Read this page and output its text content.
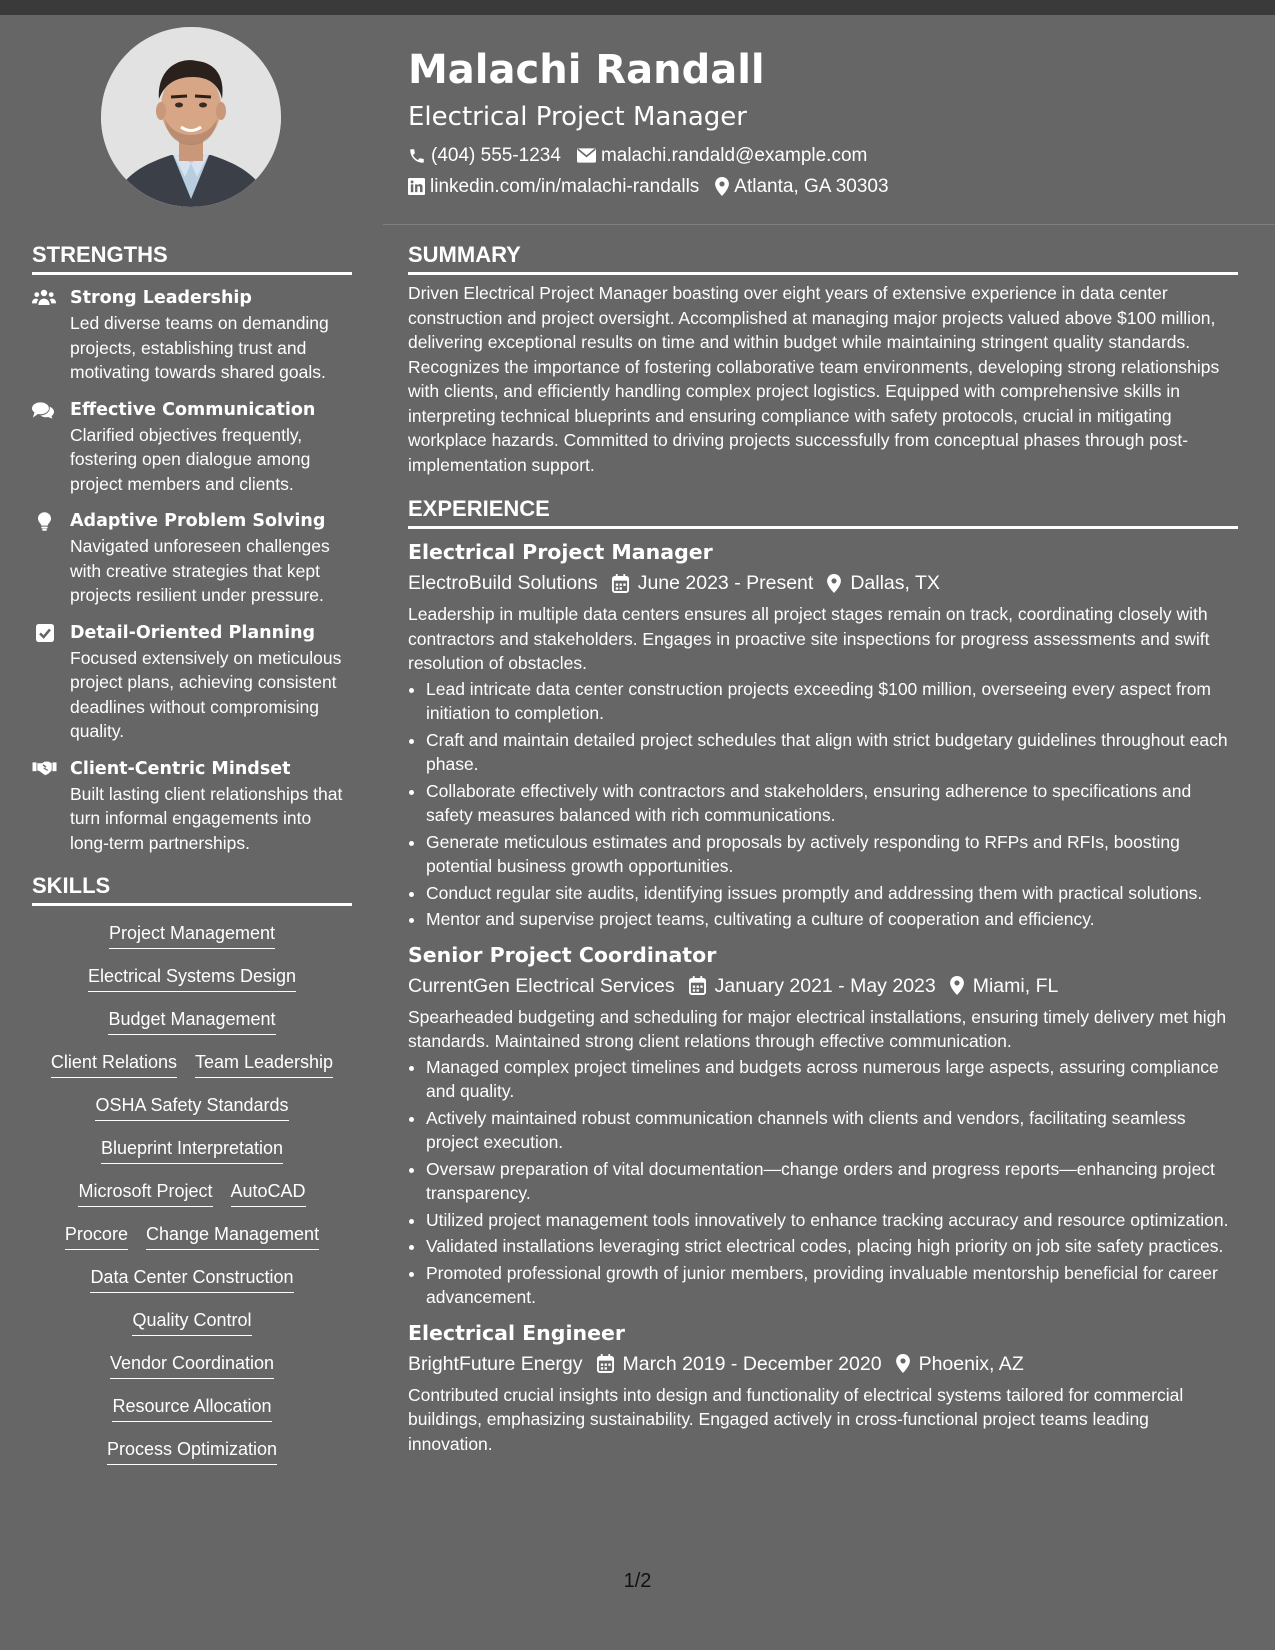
Malachi Randall
Electrical Project Manager
(404) 555-1234 malachi.randald@example.com
linkedin.com/in/malachi-randalls Atlanta, GA 30303
STRENGTHS
Strong Leadership
Led diverse teams on demanding projects, establishing trust and motivating towards shared goals.
Effective Communication
Clarified objectives frequently, fostering open dialogue among project members and clients.
Adaptive Problem Solving
Navigated unforeseen challenges with creative strategies that kept projects resilient under pressure.
Detail-Oriented Planning
Focused extensively on meticulous project plans, achieving consistent deadlines without compromising quality.
Client-Centric Mindset
Built lasting client relationships that turn informal engagements into long-term partnerships.
SKILLS
Project Management
Electrical Systems Design
Budget Management
Client Relations Team Leadership
OSHA Safety Standards
Blueprint Interpretation
Microsoft Project AutoCAD
Procore Change Management
Data Center Construction
Quality Control
Vendor Coordination
Resource Allocation
Process Optimization
SUMMARY

Driven Electrical Project Manager boasting over eight years of extensive experience in data center construction and project oversight. Accomplished at managing major projects valued above $100 million, delivering exceptional results on time and within budget while maintaining stringent quality standards. Recognizes the importance of fostering collaborative team environments, developing strong relationships with clients, and efficiently handling complex project logistics. Equipped with comprehensive skills in interpreting technical blueprints and ensuring compliance with safety protocols, crucial in mitigating workplace hazards. Committed to driving projects successfully from conceptual phases through post-implementation support.

EXPERIENCE
Electrical Project Manager
ElectroBuild Solutions June 2023 - Present Dallas, TX
Leadership in multiple data centers ensures all project stages remain on track, coordinating closely with contractors and stakeholders. Engages in proactive site inspections for progress assessments and swift resolution of obstacles.
• Lead intricate data center construction projects exceeding $100 million, overseeing every aspect from initiation to completion.
• Craft and maintain detailed project schedules that align with strict budgetary guidelines throughout each phase.
• Collaborate effectively with contractors and stakeholders, ensuring adherence to specifications and safety measures balanced with rich communications.
• Generate meticulous estimates and proposals by actively responding to RFPs and RFIs, boosting potential business growth opportunities.
• Conduct regular site audits, identifying issues promptly and addressing them with practical solutions.
• Mentor and supervise project teams, cultivating a culture of cooperation and efficiency.
Senior Project Coordinator
CurrentGen Electrical Services January 2021 - May 2023 Miami, FL
Spearheaded budgeting and scheduling for major electrical installations, ensuring timely delivery met high standards. Maintained strong client relations through effective communication.
• Managed complex project timelines and budgets across numerous large aspects, assuring compliance and quality.
• Actively maintained robust communication channels with clients and vendors, facilitating seamless project execution.
• Oversaw preparation of vital documentation—change orders and progress reports—enhancing project transparency.
• Utilized project management tools innovatively to enhance tracking accuracy and resource optimization.
• Validated installations leveraging strict electrical codes, placing high priority on job site safety practices.
• Promoted professional growth of junior members, providing invaluable mentorship beneficial for career advancement.
Electrical Engineer
BrightFuture Energy March 2019 - December 2020 Phoenix, AZ
Contributed crucial insights into design and functionality of electrical systems tailored for commercial buildings, emphasizing sustainability. Engaged actively in cross-functional project teams leading innovation.
1/2
